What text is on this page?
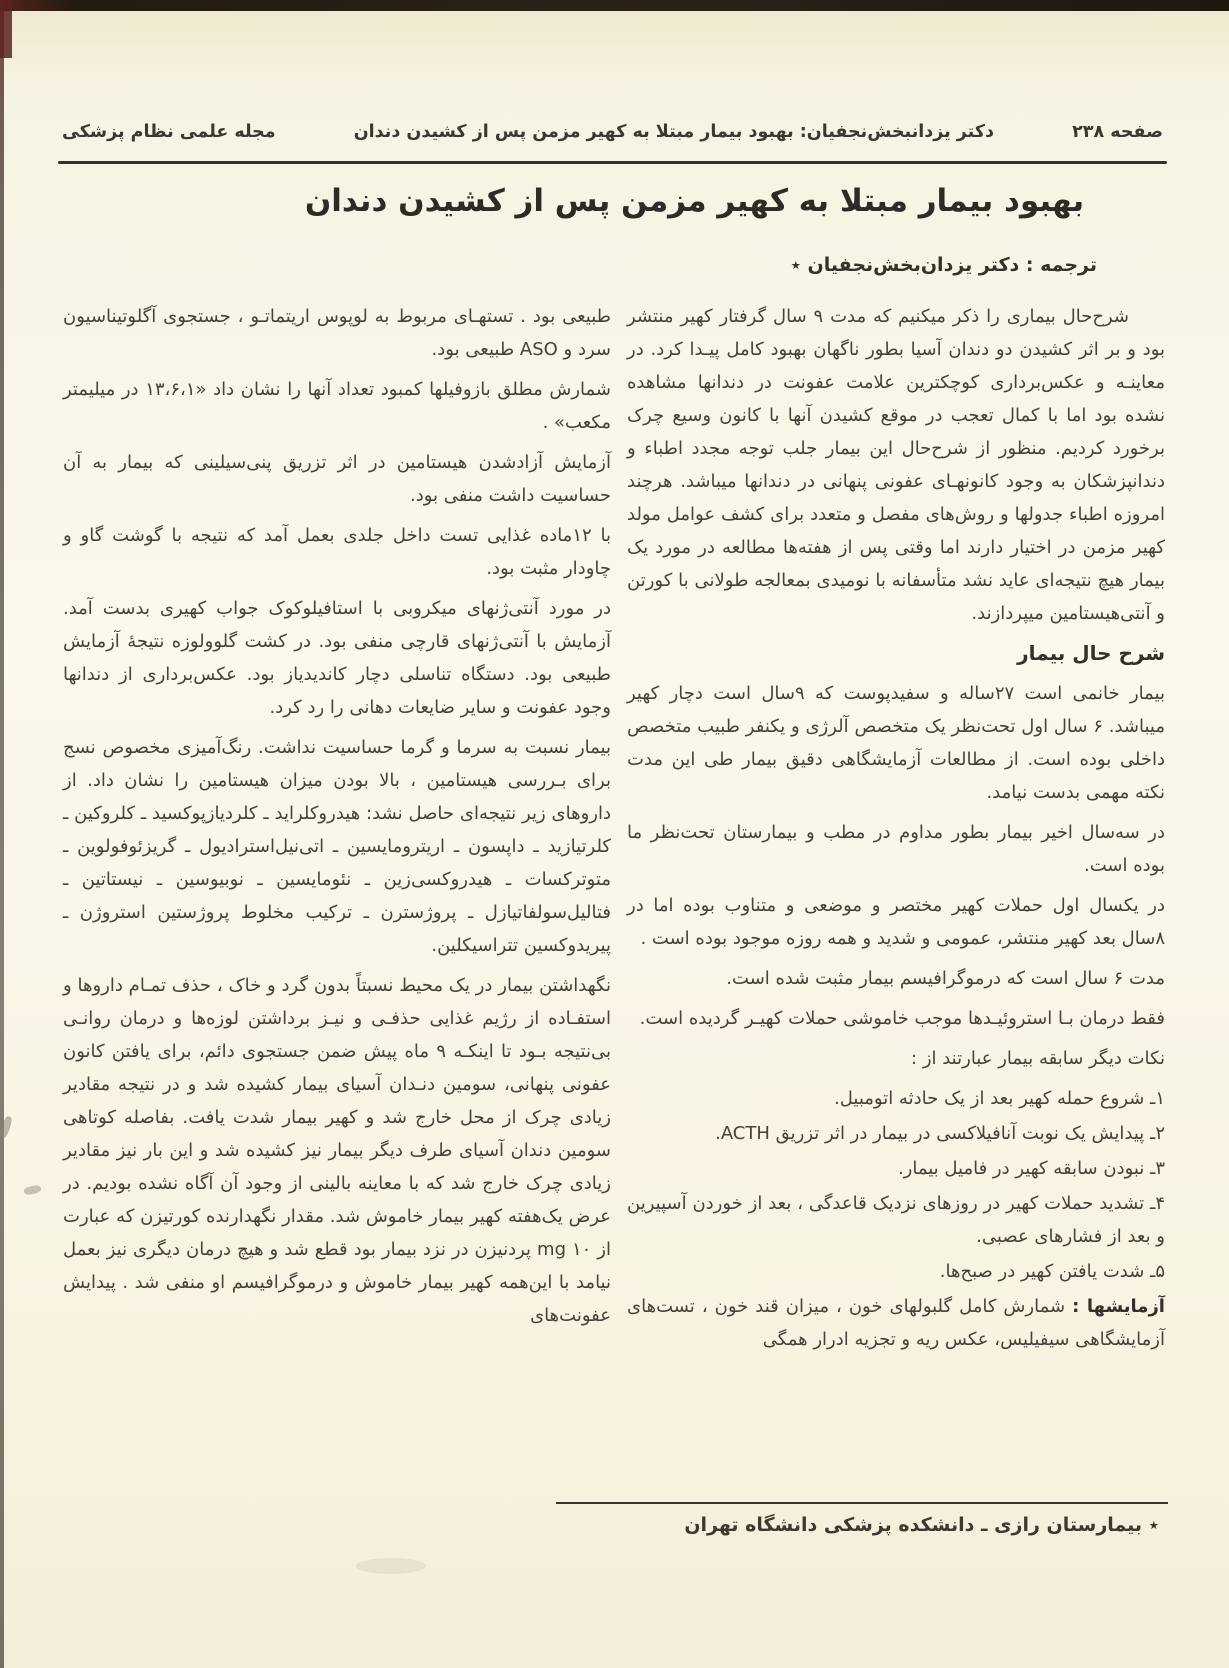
صفحه ۲۳۸
دکتر یزدانبخش‌نجفیان: بهبود بیمار مبتلا به کهیر مزمن پس از کشیدن دندان
مجله علمی نظام پزشکی
بهبود بیمار مبتلا به کهیر مزمن پس از کشیدن دندان
ترجمه : دکتر یزدان‌بخش‌نجفیان ٭

شرح‌حال بیماری را ذکر میکنیم که مدت ۹ سال گرفتار کهیر منتشر بود و بر اثر کشیدن دو دندان آسیا بطور ناگهان بهبود کامل پیـدا کرد. در معاینـه و عکس‌برداری کوچکترین علامت عفونت در دندانها مشاهده نشده بود اما با کمال تعجب در موقع کشیدن آنها با کانون وسیع چرک برخورد کردیم. منظور از شرح‌حال این بیمار جلب توجه مجدد اطباء و دندانپزشکان به وجود کانونهـای عفونی پنهانی در دندانها میباشد. هرچند امروزه اطباء جدولها و روش‌های مفصل و متعدد برای کشف عوامل مولد کهیر مزمن در اختیار دارند اما وقتی پس از هفته‌ها مطالعه در مورد یک بیمار هیچ نتیجه‌ای عاید نشد متأسفانه با نومیدی بمعالجه طولانی با کورتن و آنتی‌هیستامین میپردازند.

شرح حال بیمار

بیمار خانمی است ۲۷ساله و سفیدپوست که ۹سال است دچار کهیر میباشد. ۶ سال اول تحت‌نظر یک متخصص آلرژی و یکنفر طبیب متخصص داخلی بوده است. از مطالعات آزمایشگاهی دقیق بیمار طی این مدت نکته مهمی بدست نیامد.

در سه‌سال اخیر بیمار بطور مداوم در مطب و بیمارستان تحت‌نظر ما بوده است.

در یکسال اول حملات کهیر مختصر و موضعی و متناوب بوده اما در ۸سال بعد کهیر منتشر، عمومی و شدید و همه روزه موجود بوده است .

مدت ۶ سال است که درموگرافیسم بیمار مثبت شده است.

فقط درمان بـا استروئیـدها موجب خاموشی حملات کهیـر گردیده است.

نکات دیگر سابقه بیمار عبارتند از :

۱ـ شروع حمله کهیر بعد از یک حادثه اتومبیل.

۲ـ پیدایش یک نوبت آنافیلاکسی در بیمار در اثر تزریق ACTH.

۳ـ نبودن سابقه کهیر در فامیل بیمار.

۴ـ تشدید حملات کهیر در روزهای نزدیک قاعدگی ، بعد از خوردن آسپیرین و بعد از فشارهای عصبی.

۵ـ شدت یافتن کهیر در صبح‌ها.

آزمایشها : شمارش کامل گلبولهای خون ، میزان قند خون ، تست‌های آزمایشگاهی سیفیلیس، عکس ریه و تجزیه ادرار همگی

طبیعی بود . تستهـای مربوط به لوپوس اریتماتـو ، جستجوی آگلوتیناسیون سرد و ASO طبیعی بود.

شمارش مطلق بازوفیلها کمبود تعداد آنها را نشان داد «۱۳،۶،۱ در میلیمتر مکعب» .

آزمایش آزادشدن هیستامین در اثر تزریق پنی‌سیلینی که بیمار به آن حساسیت داشت منفی بود.

با ۱۲ماده غذایی تست داخل جلدی بعمل آمد که نتیجه با گوشت گاو و چاودار مثبت بود.

در مورد آنتی‌ژنهای میکروبی با استافیلوکوک جواب کهیری بدست آمد. آزمایش با آنتی‌ژنهای قارچی منفی بود. در کشت گلوولوزه نتیجهٔ آزمایش طبیعی بود. دستگاه تناسلی دچار کاندیدیاز بود. عکس‌برداری از دندانها وجود عفونت و سایر ضایعات دهانی را رد کرد.

بیمار نسبت به سرما و گرما حساسیت نداشت. رنگ‌آمیزی مخصوص نسج برای بـررسی هیستامین ، بالا بودن میزان هیستامین را نشان داد. از داروهای زیر نتیجه‌ای حاصل نشد: هیدروکلراید ـ کلردیازپوکسید ـ کلروکین ـ کلرتیازید ـ داپسون ـ اریترومایسین ـ اتی‌نیل‌استرادیول ـ گریزئوفولوین ـ متوترکسات ـ هیدروکسی‌زین ـ نئومایسین ـ نوبیوسین ـ نیستاتین ـ فتالیل‌سولفاتیازل ـ پروژسترن ـ ترکیب مخلوط پروژستین استروژن ـ پیریدوکسین تتراسیکلین.

نگهداشتن بیمار در یک محیط نسبتاً بدون گرد و خاک ، حذف تمـام داروها و استفـاده از رژیم غذایی حذفـی و نیـز برداشتن لوزه‌ها و درمان روانـی بی‌نتیجه بـود تا اینکـه ۹ ماه پیش ضمن جستجوی دائم، برای یافتن کانون عفونی پنهانی، سومین دنـدان آسیای بیمار کشیده شد و در نتیجه مقادیر زیادی چرک از محل خارج شد و کهیر بیمار شدت یافت. بفاصله کوتاهی سومین دندان آسیای طرف دیگر بیمار نیز کشیده شد و این بار نیز مقادیر زیادی چرک خارج شد که با معاینه بالینی از وجود آن آگاه نشده بودیم. در عرض یک‌هفته کهیر بیمار خاموش شد. مقدار نگهدارنده کورتیزن که عبارت از ۱۰ mg پردنیزن در نزد بیمار بود قطع شد و هیچ درمان دیگری نیز بعمل نیامد با این‌همه کهیر بیمار خاموش و درموگرافیسم او منفی شد . پیدایش عفونت‌های

٭ بیمارستان رازی ـ دانشکده پزشکی دانشگاه تهران
